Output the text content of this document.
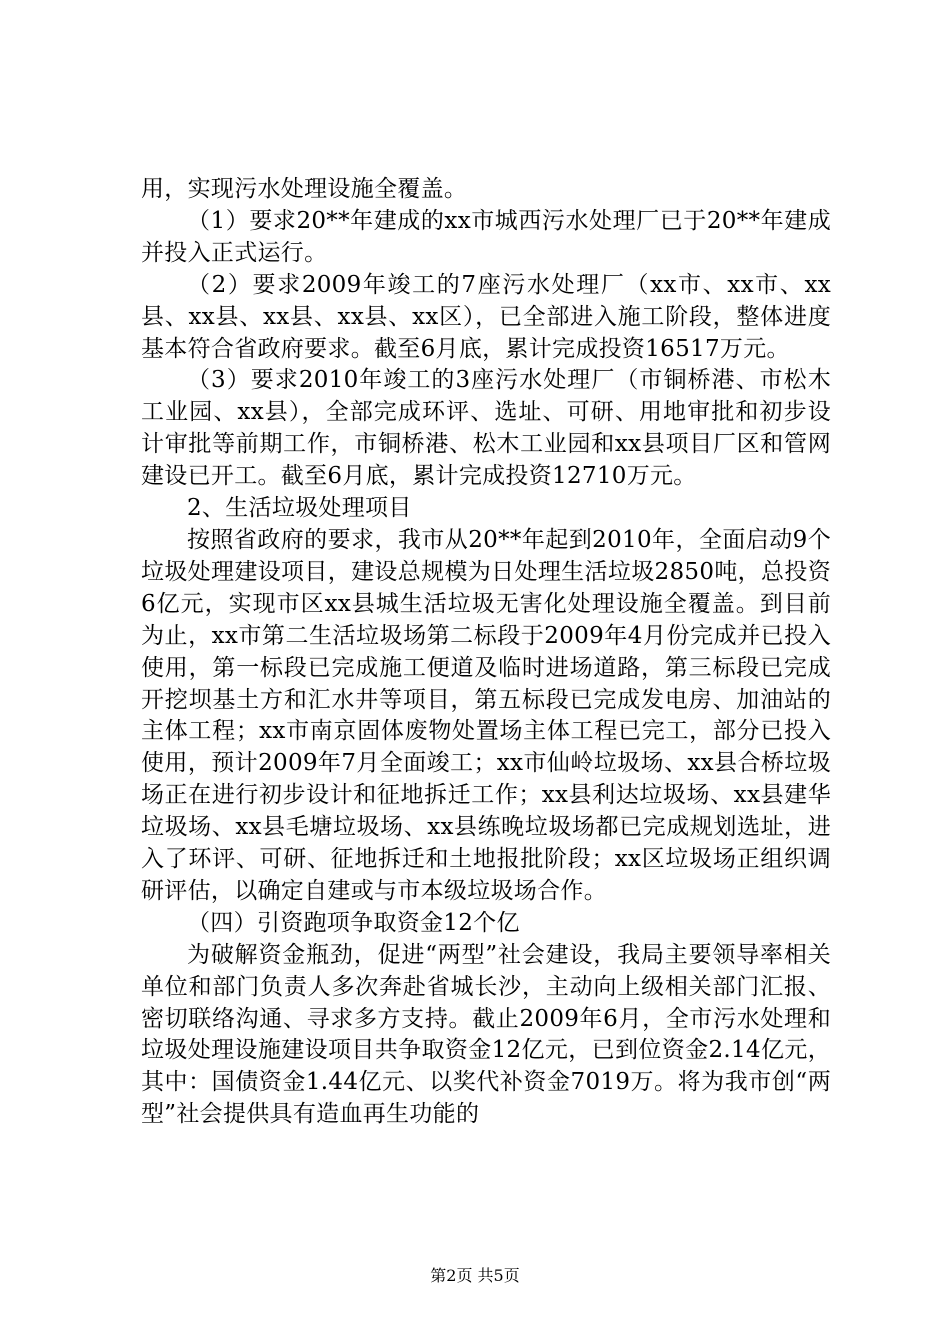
用，实现污水处理设施全覆盖。

（1）要求20**年建成的xx市城西污水处理厂已于20**年建成并投入正式运行。

（2）要求2009年竣工的7座污水处理厂（xx市、xx市、xx县、xx县、xx县、xx县、xx区），已全部进入施工阶段，整体进度基本符合省政府要求。截至6月底，累计完成投资16517万元。

（3）要求2010年竣工的3座污水处理厂（市铜桥港、市松木工业园、xx县），全部完成环评、选址、可研、用地审批和初步设计审批等前期工作，市铜桥港、松木工业园和xx县项目厂区和管网建设已开工。截至6月底，累计完成投资12710万元。

2、生活垃圾处理项目

按照省政府的要求，我市从20**年起到2010年，全面启动9个垃圾处理建设项目，建设总规模为日处理生活垃圾2850吨，总投资6亿元，实现市区xx县城生活垃圾无害化处理设施全覆盖。到目前为止，xx市第二生活垃圾场第二标段于2009年4月份完成并已投入使用，第一标段已完成施工便道及临时进场道路，第三标段已完成开挖坝基土方和汇水井等项目，第五标段已完成发电房、加油站的主体工程；xx市南京固体废物处置场主体工程已完工，部分已投入使用，预计2009年7月全面竣工；xx市仙岭垃圾场、xx县合桥垃圾场正在进行初步设计和征地拆迁工作；xx县利达垃圾场、xx县建华垃圾场、xx县毛塘垃圾场、xx县练晚垃圾场都已完成规划选址，进入了环评、可研、征地拆迁和土地报批阶段；xx区垃圾场正组织调研评估，以确定自建或与市本级垃圾场合作。

（四）引资跑项争取资金12个亿

为破解资金瓶劲，促进“两型”社会建设，我局主要领导率相关单位和部门负责人多次奔赴省城长沙，主动向上级相关部门汇报、密切联络沟通、寻求多方支持。截止2009年6月，全市污水处理和垃圾处理设施建设项目共争取资金12亿元，已到位资金2.14亿元，其中：国债资金1.44亿元、以奖代补资金7019万。将为我市创“两型”社会提供具有造血再生功能的

第2页 共5页
